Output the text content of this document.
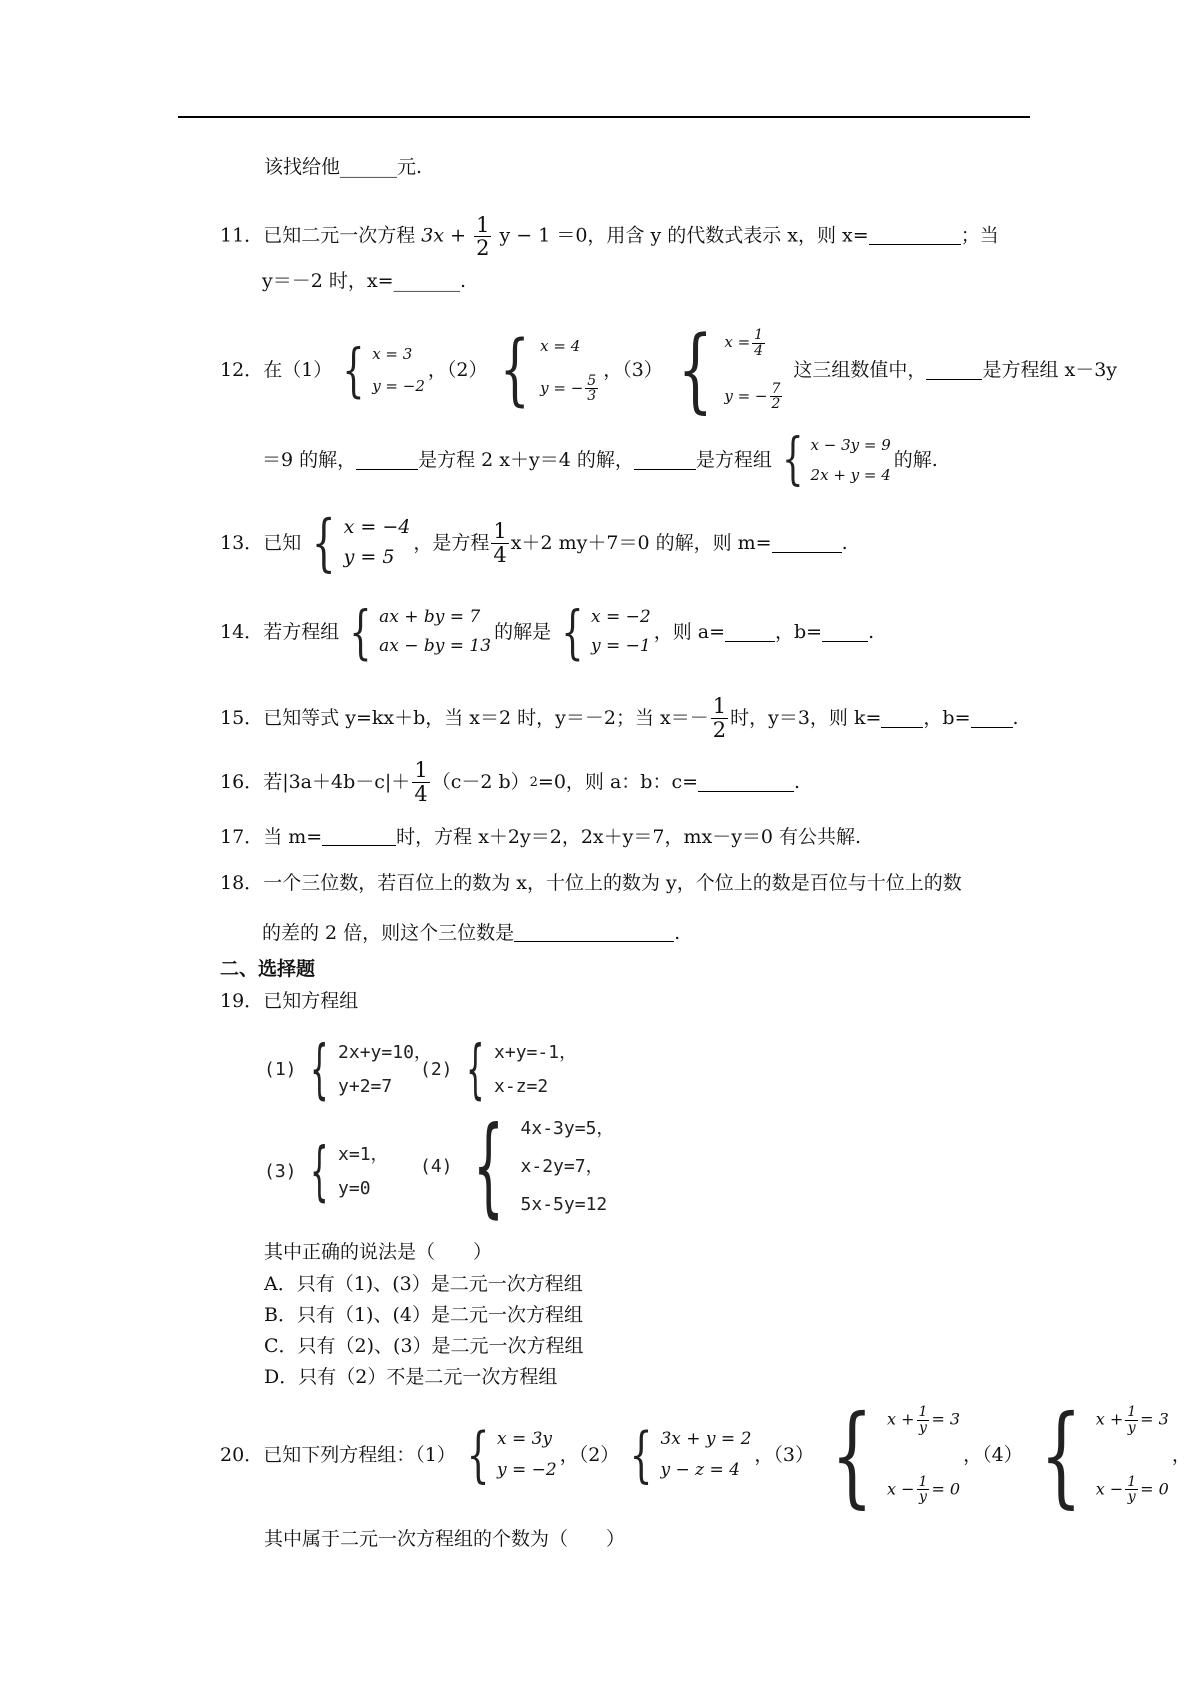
该找给他______元.
11．已知二元一次方程 $3x + \frac{1}{2}$ y − 1 ＝0，用含 y 的代数式表示 x，则 x=	；当
y＝－2 时，x=_______.
12． 在（1） { x = 3
y = −2
，（2） { x = 4
y = − $\frac{5}{3}$
，（3） { $x = \frac{1}{4}$
y = − $\frac{7}{2}$
这三组数值中，	是方程组 x－3y
＝9 的解，	是方程 2 x＋y＝4 的解，	是方程组 { x − 3y = 9
2x + y = 4
的解.
13． 已知 { x = −4
y = 5
，是方程 $\frac{1}{4} x+2$ my＋7＝0 的解，则 m=	.
14． 若方程组 { ax + by = 7
ax − by = 13
的解是 { x = −2
y = −1
，则 a=	，b= .
15． 已知等式 y=kx＋b，当 x＝2 时，y＝－2；当 $x=- \frac{1}{2}$ 时，y＝3，则 k= ，b= .
16． 若$|3a+4b-c|+ \frac{1}{4} (c-2$ b） 2 =0，则 a：b：c=	.
17．当 m=	时，方程 x＋2y＝2，2x＋y＝7，mx－y＝0 有公共解.
18．一个三位数，若百位上的数为 x，十位上的数为 y，个位上的数是百位与十位上的数
的差的 2 倍，则这个三位数是	.
二、选择题
19．已知方程组
(1) { 2x+y=10，
y+2=7
(2) { x+y=-1，
x-z=2
(3) { x=1，
y=0
(4) { 4x-3y=5，
x-2y=7，
5x-5y=12
其中正确的说法是（　　）
A．只有（1)、(3）是二元一次方程组
B．只有（1)、(4）是二元一次方程组
C．只有（2)、(3）是二元一次方程组
D．只有（2）不是二元一次方程组
20． 已知下列方程组：（1） { x = 3y
y = −2
，（2） { 3x + y = 2
y − z = 4
，（3） { $x + \frac{1}{y} = 3$
$x - \frac{1}{y} = 0$
，（4） { $x + \frac{1}{y} = 3$
$x - \frac{1}{y} = 0$
，
其中属于二元一次方程组的个数为（　　）
